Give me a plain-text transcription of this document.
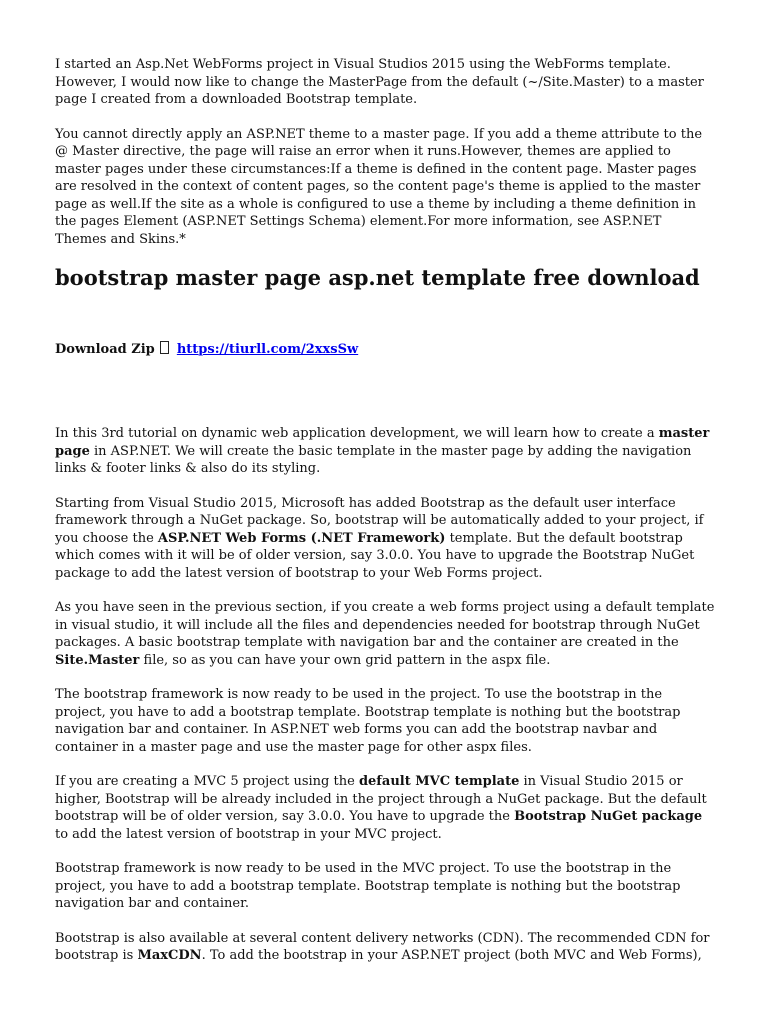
I started an Asp.Net WebForms project in Visual Studios 2015 using the WebForms template. However, I would now like to change the MasterPage from the default (~/Site.Master) to a master page I created from a downloaded Bootstrap template.

You cannot directly apply an ASP.NET theme to a master page. If you add a theme attribute to the @ Master directive, the page will raise an error when it runs.However, themes are applied to master pages under these circumstances:If a theme is defined in the content page. Master pages are resolved in the context of content pages, so the content page's theme is applied to the master page as well.If the site as a whole is configured to use a theme by including a theme definition in the pages Element (ASP.NET Settings Schema) element.For more information, see ASP.NET Themes and Skins.*

bootstrap master page asp.net template free download
Download Zip https://tiurll.com/2xxsSw

In this 3rd tutorial on dynamic web application development, we will learn how to create a master page in ASP.NET. We will create the basic template in the master page by adding the navigation links & footer links & also do its styling.

Starting from Visual Studio 2015, Microsoft has added Bootstrap as the default user interface framework through a NuGet package. So, bootstrap will be automatically added to your project, if you choose the ASP.NET Web Forms (.NET Framework) template. But the default bootstrap which comes with it will be of older version, say 3.0.0. You have to upgrade the Bootstrap NuGet package to add the latest version of bootstrap to your Web Forms project.

As you have seen in the previous section, if you create a web forms project using a default template in visual studio, it will include all the files and dependencies needed for bootstrap through NuGet packages. A basic bootstrap template with navigation bar and the container are created in the Site.Master file, so as you can have your own grid pattern in the aspx file.

The bootstrap framework is now ready to be used in the project. To use the bootstrap in the project, you have to add a bootstrap template. Bootstrap template is nothing but the bootstrap navigation bar and container. In ASP.NET web forms you can add the bootstrap navbar and container in a master page and use the master page for other aspx files.

If you are creating a MVC 5 project using the default MVC template in Visual Studio 2015 or higher, Bootstrap will be already included in the project through a NuGet package. But the default bootstrap will be of older version, say 3.0.0. You have to upgrade the Bootstrap NuGet package to add the latest version of bootstrap in your MVC project.

Bootstrap framework is now ready to be used in the MVC project. To use the bootstrap in the project, you have to add a bootstrap template. Bootstrap template is nothing but the bootstrap navigation bar and container.

Bootstrap is also available at several content delivery networks (CDN). The recommended CDN for bootstrap is MaxCDN. To add the bootstrap in your ASP.NET project (both MVC and Web Forms),
